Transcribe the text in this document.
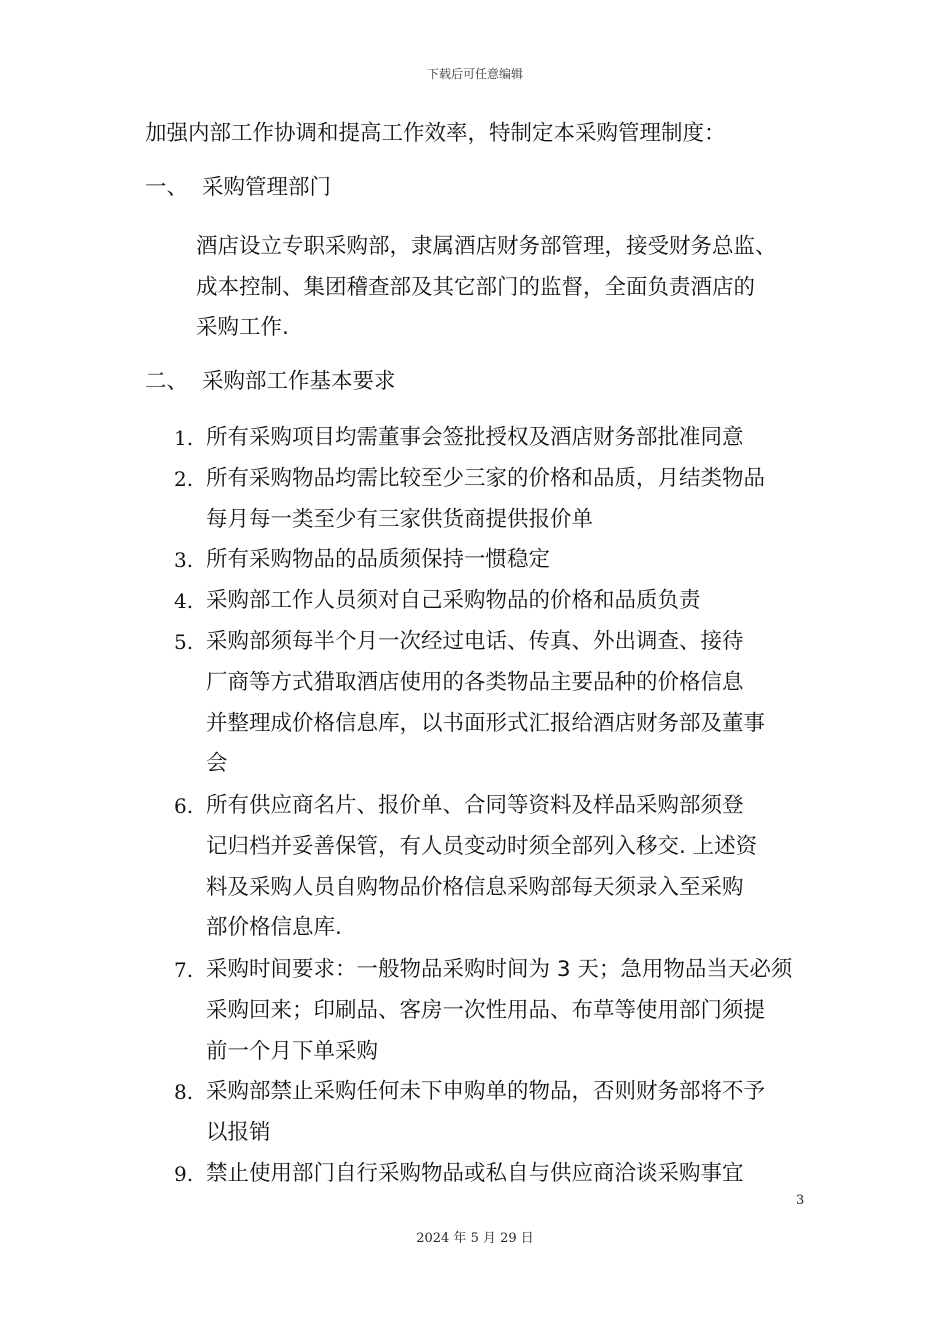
下载后可任意编辑
加强内部工作协调和提高工作效率，特制定本采购管理制度：
一、 采购管理部门
酒店设立专职采购部，隶属酒店财务部管理，接受财务总监、
成本控制、集团稽查部及其它部门的监督，全面负责酒店的
采购工作.
二、 采购部工作基本要求
1. 所有采购项目均需董事会签批授权及酒店财务部批准同意
2. 所有采购物品均需比较至少三家的价格和品质，月结类物品
每月每一类至少有三家供货商提供报价单
3. 所有采购物品的品质须保持一惯稳定
4. 采购部工作人员须对自己采购物品的价格和品质负责
5. 采购部须每半个月一次经过电话、传真、外出调查、接待
厂商等方式猎取酒店使用的各类物品主要品种的价格信息
并整理成价格信息库，以书面形式汇报给酒店财务部及董事
会
6. 所有供应商名片、报价单、合同等资料及样品采购部须登
记归档并妥善保管，有人员变动时须全部列入移交. 上述资
料及采购人员自购物品价格信息采购部每天须录入至采购
部价格信息库.
7. 采购时间要求：一般物品采购时间为 3 天；急用物品当天必须
采购回来；印刷品、客房一次性用品、布草等使用部门须提
前一个月下单采购
8. 采购部禁止采购任何未下申购单的物品，否则财务部将不予
以报销
9. 禁止使用部门自行采购物品或私自与供应商洽谈采购事宜
3
2024 年 5 月 29 日
